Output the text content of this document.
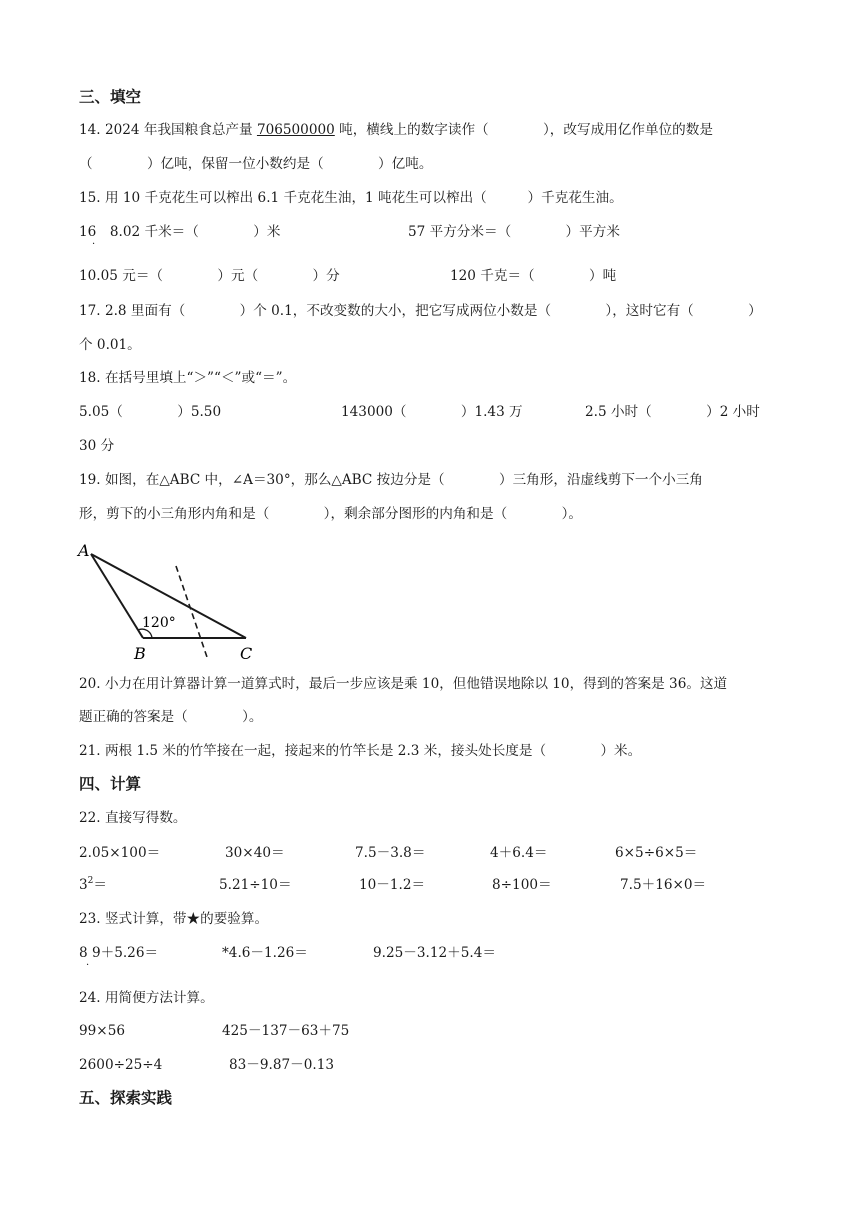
三、填空
14. 2024 年我国粮食总产量 706500000 吨，横线上的数字读作（　　　　），改写成用亿作单位的数是
（　　　　）亿吨，保留一位小数约是（　　　　）亿吨。
15. 用 10 千克花生可以榨出 6.1 千克花生油，1 吨花生可以榨出（　　　）千克花生油。
16　8.02 千米＝（　　　　）米	57 平方分米＝（　　　　）平方米
·
10.05 元＝（　　　　）元（　　　　）分	120 千克＝（　　　　）吨
17. 2.8 里面有（　　　　）个 0.1，不改变数的大小，把它写成两位小数是（　　　　），这时它有（　　　　）
个 0.01。
18. 在括号里填上“＞”“＜”或“＝”。
5.05（　　　　）5.50	143000（　　　　）1.43 万	2.5 小时（　　　　）2 小时
30 分
19. 如图，在△ABC 中，∠A＝30°，那么△ABC 按边分是（　　　　）三角形，沿虚线剪下一个小三角
形，剪下的小三角形内角和是（　　　　），剩余部分图形的内角和是（　　　　）。
A
B	C
120°
20. 小力在用计算器计算一道算式时，最后一步应该是乘 10，但他错误地除以 10，得到的答案是 36。这道
题正确的答案是（　　　　）。
21. 两根 1.5 米的竹竿接在一起，接起来的竹竿长是 2.3 米，接头处长度是（　　　　）米。
四、计算
22. 直接写得数。
2.05×100＝	30×40＝	7.5－3.8＝	4＋6.4＝	6×5÷6×5＝
$3^2=$	5.21÷10＝	10－1.2＝	8÷100＝	7.5＋16×0＝
23. 竖式计算，带★的要验算。
8 9＋5.26＝	*4.6－1.26＝	9.25－3.12＋5.4＝
·
24. 用简便方法计算。
99×56	425－137－63＋75
2600÷25÷4	83－9.87－0.13
五、探索实践
